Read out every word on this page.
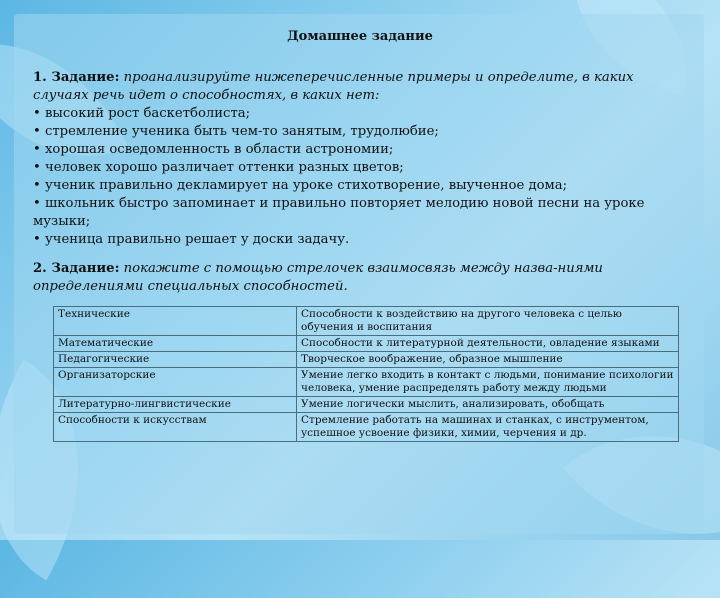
Домашнее задание
1. Задание: проанализируйте нижеперечисленные примеры и определите, в каких случаях речь идет о способностях, в каких нет:
• высокий рост баскетболиста;
• стремление ученика быть чем-то занятым, трудолюбие;
• хорошая осведомленность в области астрономии;
• человек хорошо различает оттенки разных цветов;
• ученик правильно декламирует на уроке стихотворение, выученное дома;
• школьник быстро запоминает и правильно повторяет мелодию новой песни на уроке музыки;
• ученица правильно решает у доски задачу.
2. Задание: покажите с помощью стрелочек взаимосвязь между назва-ниями определениями специальных способностей.
Технические	Способности к воздействию на другого человека с целью обучения и воспитания
Математические	Способности к литературной деятельности, овладение языками
Педагогические	Творческое воображение, образное мышление
Организаторские	Умение легко входить в контакт с людьми, понимание психологии человека, умение распределять работу между людьми
Литературно-лингвистические	Умение логически мыслить, анализировать, обобщать
Способности к искусствам	Стремление работать на машинах и станках, с инструментом, успешное усвоение физики, химии, черчения и др.
